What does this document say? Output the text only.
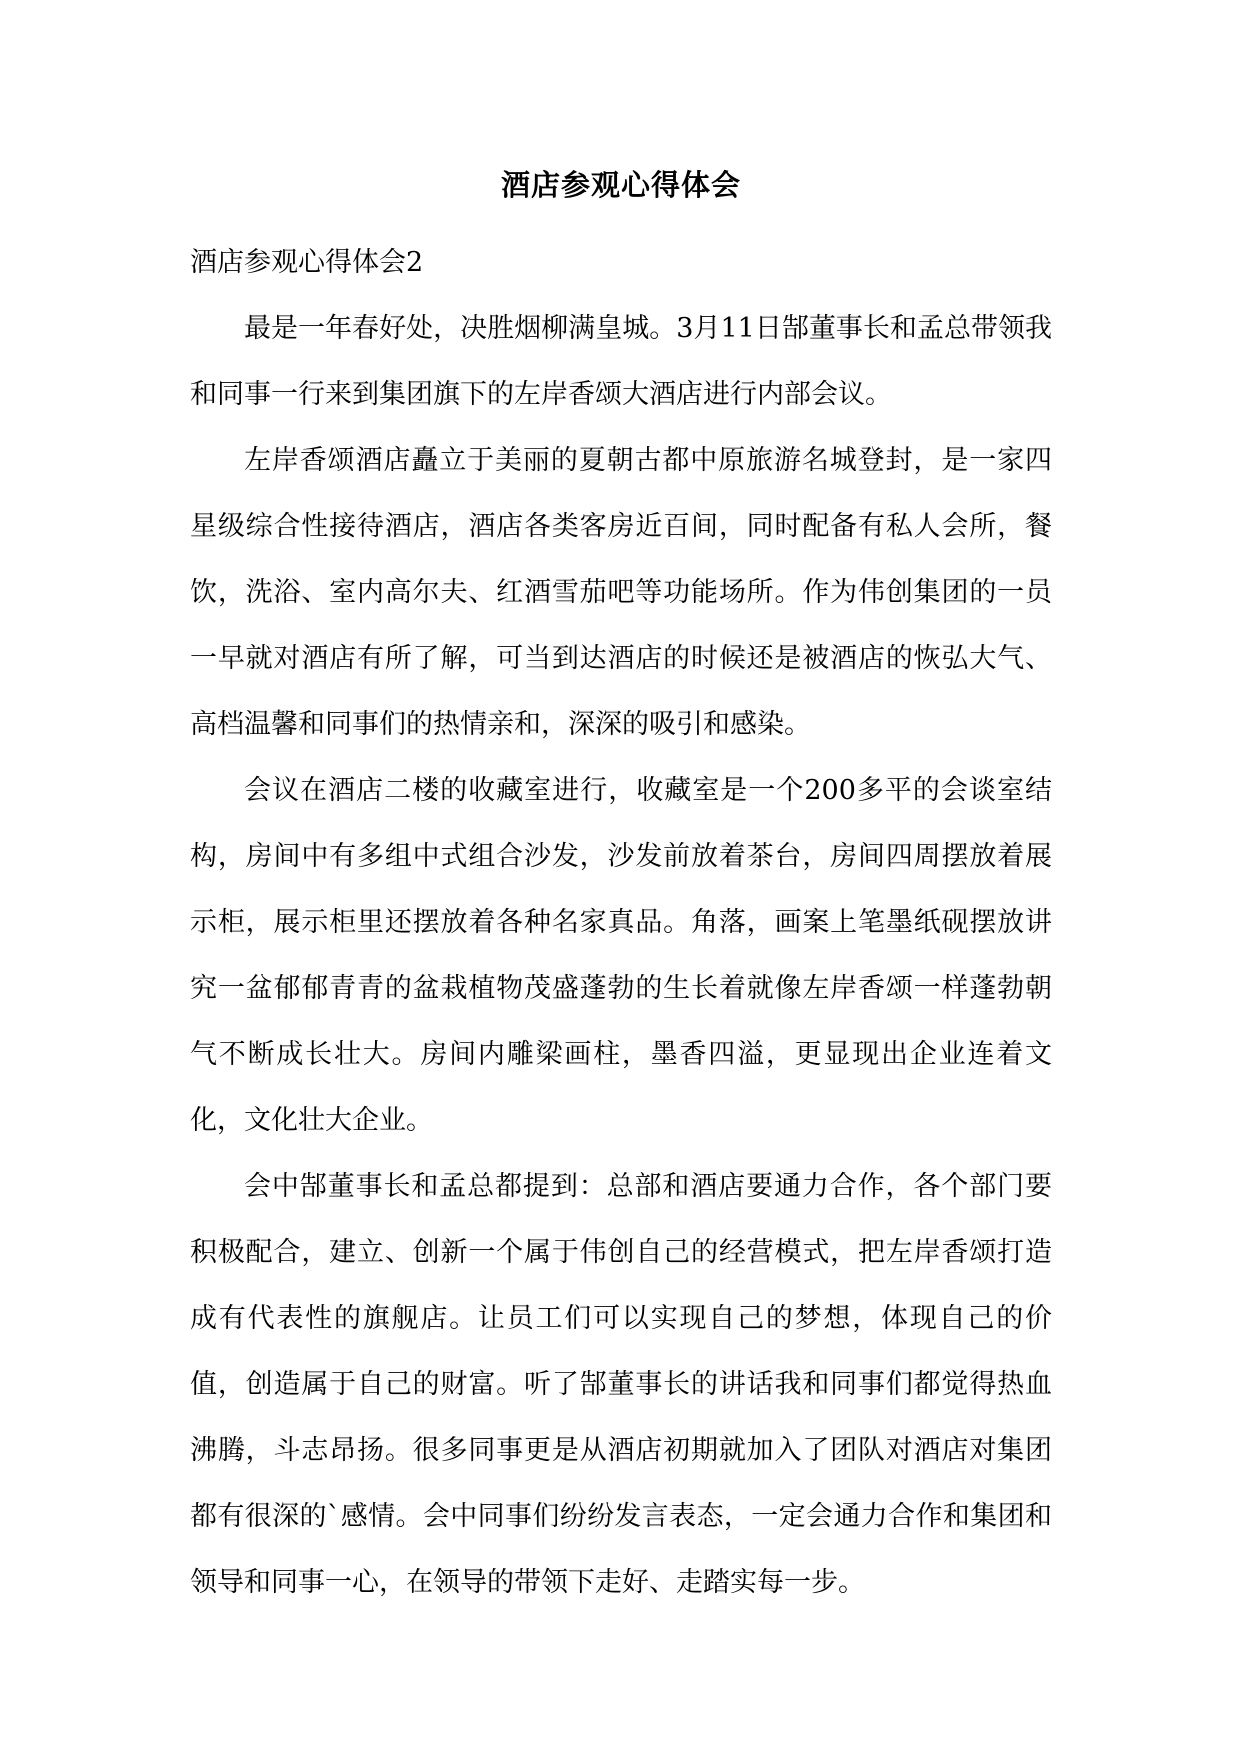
酒店参观心得体会
酒店参观心得体会2

最是一年春好处，决胜烟柳满皇城。3月11日郜董事长和孟总带领我和同事一行来到集团旗下的左岸香颂大酒店进行内部会议。

左岸香颂酒店矗立于美丽的夏朝古都中原旅游名城登封，是一家四星级综合性接待酒店，酒店各类客房近百间，同时配备有私人会所，餐饮，洗浴、室内高尔夫、红酒雪茄吧等功能场所。作为伟创集团的一员一早就对酒店有所了解，可当到达酒店的时候还是被酒店的恢弘大气、高档温馨和同事们的热情亲和，深深的吸引和感染。

会议在酒店二楼的收藏室进行，收藏室是一个200多平的会谈室结构，房间中有多组中式组合沙发，沙发前放着茶台，房间四周摆放着展示柜，展示柜里还摆放着各种名家真品。角落，画案上笔墨纸砚摆放讲究一盆郁郁青青的盆栽植物茂盛蓬勃的生长着就像左岸香颂一样蓬勃朝气不断成长壮大。房间内雕梁画柱，墨香四溢，更显现出企业连着文化，文化壮大企业。

会中郜董事长和孟总都提到：总部和酒店要通力合作，各个部门要积极配合，建立、创新一个属于伟创自己的经营模式，把左岸香颂打造成有代表性的旗舰店。让员工们可以实现自己的梦想，体现自己的价值，创造属于自己的财富。听了郜董事长的讲话我和同事们都觉得热血沸腾，斗志昂扬。很多同事更是从酒店初期就加入了团队对酒店对集团都有很深的`感情。会中同事们纷纷发言表态，一定会通力合作和集团和领导和同事一心，在领导的带领下走好、走踏实每一步。
